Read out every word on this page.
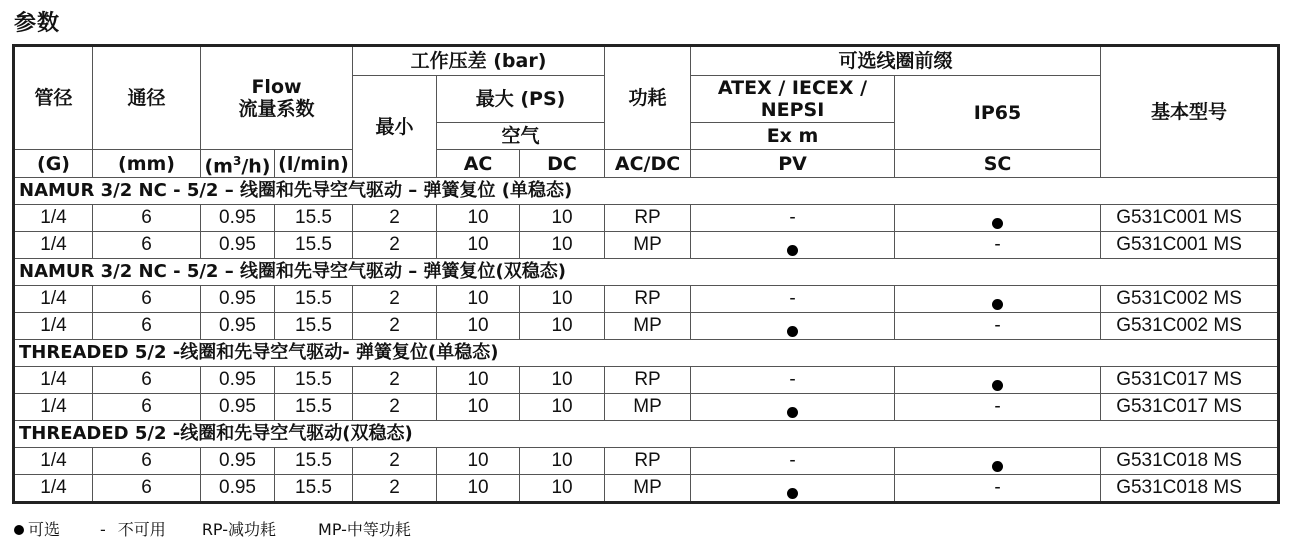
参数
管径	通径	Flow
流量系数		工作压差 (bar)			功耗	可选线圈前缀		基本型号
				最小	最大 (PS)			ATEX / IECEX / NEPSI	IP65	
					空气			Ex m		
(G)	(mm)	$(m^3/h)$	(l/min)		AC	DC	AC/DC	PV	SC	
NAMUR 3/2 NC - 5/2 – 线圈和先导空气驱动 – 弹簧复位 (单稳态)										
1/4	6	0.95	15.5	2	10	10	RP	-		G531C001 MS
1/4	6	0.95	15.5	2	10	10	MP		-	G531C001 MS
NAMUR 3/2 NC - 5/2 – 线圈和先导空气驱动 – 弹簧复位(双稳态)										
1/4	6	0.95	15.5	2	10	10	RP	-		G531C002 MS
1/4	6	0.95	15.5	2	10	10	MP		-	G531C002 MS
THREADED 5/2 -线圈和先导空气驱动- 弹簧复位(单稳态)										
1/4	6	0.95	15.5	2	10	10	RP	-		G531C017 MS
1/4	6	0.95	15.5	2	10	10	MP		-	G531C017 MS
THREADED 5/2 -线圈和先导空气驱动(双稳态)										
1/4	6	0.95	15.5	2	10	10	RP	-		G531C018 MS
1/4	6	0.95	15.5	2	10	10	MP		-	G531C018 MS
可选	- 不可用 RP-减功耗	MP-中等功耗
